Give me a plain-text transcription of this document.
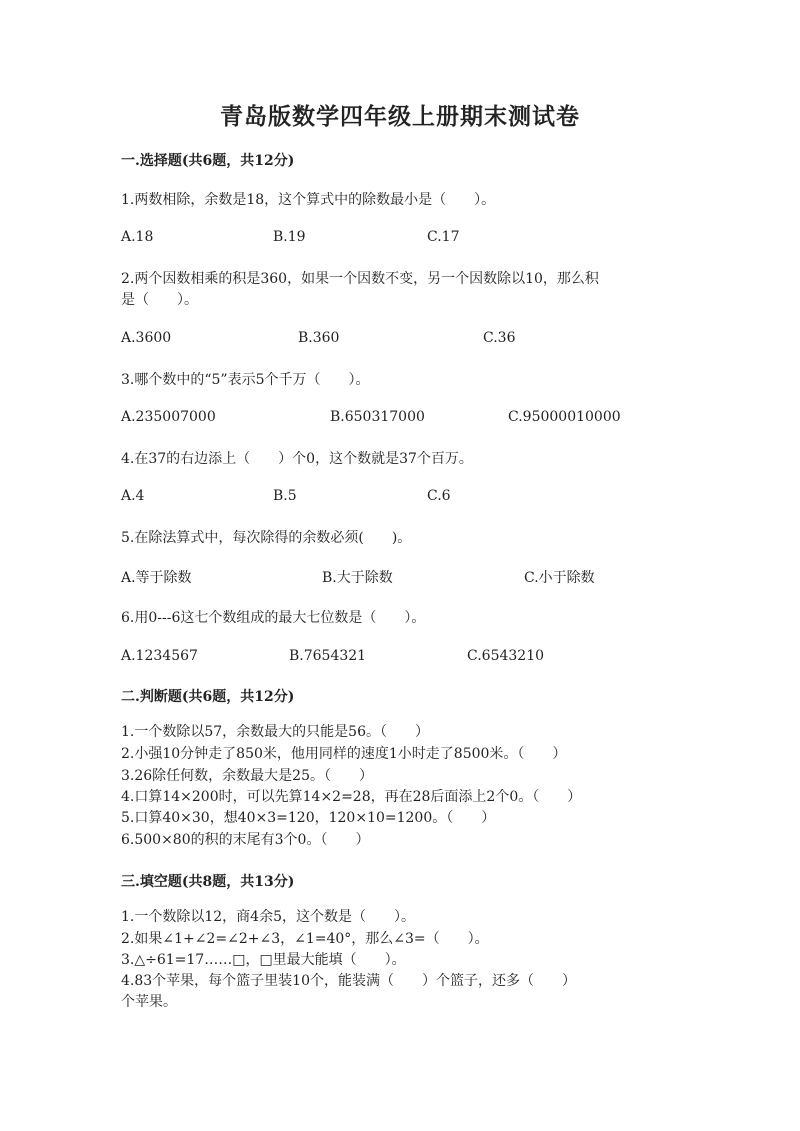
青岛版数学四年级上册期末测试卷
一.选择题(共6题，共12分)
1.两数相除，余数是18，这个算式中的除数最小是（　　）。
A.18	B.19	C.17
2.两个因数相乘的积是360，如果一个因数不变，另一个因数除以10，那么积
是（　　）。
A.3600	B.360	C.36
3.哪个数中的“5”表示5个千万（　　）。
A.235007000	B.650317000	C.95000010000
4.在37的右边添上（　　）个0，这个数就是37个百万。
A.4	B.5	C.6
5.在除法算式中，每次除得的余数必须(　　)。
A.等于除数	B.大于除数	C.小于除数
6.用0---6这七个数组成的最大七位数是（　　）。
A.1234567	B.7654321	C.6543210
二.判断题(共6题，共12分)
1.一个数除以57，余数最大的只能是56。（　　）
2.小强10分钟走了850米，他用同样的速度1小时走了8500米。（　　）
3.26除任何数，余数最大是25。（　　）
4.口算14×200时，可以先算14×2=28，再在28后面添上2个0。（　　）
5.口算40×30，想40×3=120，120×10=1200。（　　）
6.500×80的积的末尾有3个0。（　　）
三.填空题(共8题，共13分)
1.一个数除以12，商4余5，这个数是（　　）。
2.如果∠1+∠2=∠2+∠3，∠1=40°，那么∠3=（　　）。
3.△÷61=17……□，□里最大能填（　　）。
4.83个苹果，每个篮子里装10个，能装满（　　）个篮子，还多（　　）
个苹果。
